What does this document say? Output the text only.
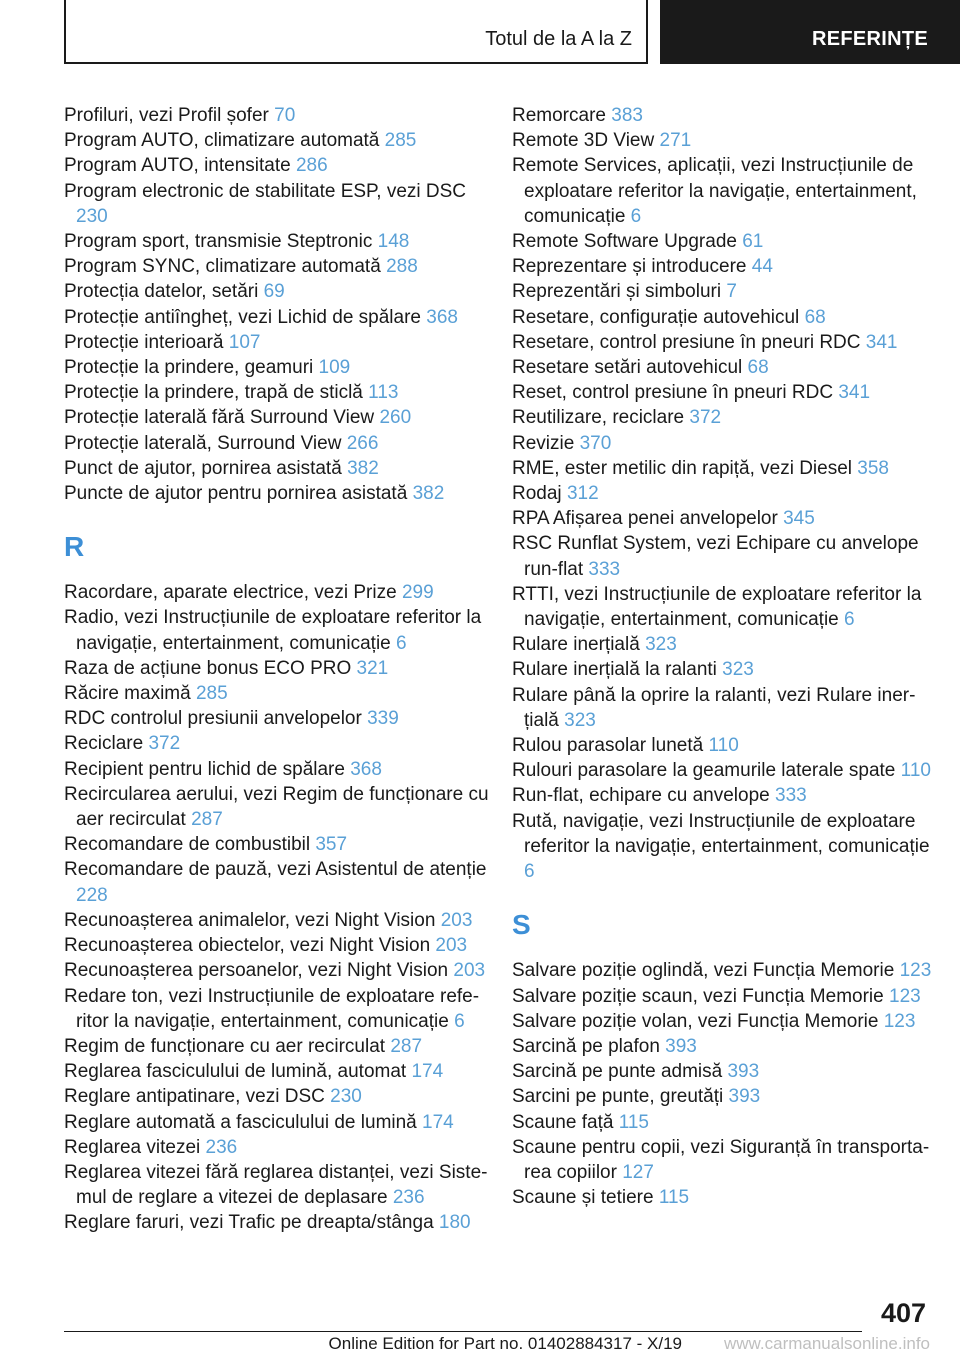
Totul de la A la Z	REFERINȚE
Profiluri, vezi Profil șofer 70
Program AUTO, climatizare automată 285
Program AUTO, intensitate 286
Program electronic de stabilitate ESP, vezi DSC 230
Program sport, transmisie Steptronic 148
Program SYNC, climatizare automată 288
Protecția datelor, setări 69
Protecție antiîngheț, vezi Lichid de spălare 368
Protecție interioară 107
Protecție la prindere, geamuri 109
Protecție la prindere, trapă de sticlă 113
Protecție laterală fără Surround View 260
Protecție laterală, Surround View 266
Punct de ajutor, pornirea asistată 382
Puncte de ajutor pentru pornirea asistată 382
R
Racordare, aparate electrice, vezi Prize 299
Radio, vezi Instrucțiunile de exploatare referitor la navigație, entertainment, comunicație 6
Raza de acțiune bonus ECO PRO 321
Răcire maximă 285
RDC controlul presiunii anvelopelor 339
Reciclare 372
Recipient pentru lichid de spălare 368
Recircularea aerului, vezi Regim de funcționare cu aer recirculat 287
Recomandare de combustibil 357
Recomandare de pauză, vezi Asistentul de atenție 228
Recunoașterea animalelor, vezi Night Vision 203
Recunoașterea obiectelor, vezi Night Vision 203
Recunoașterea persoanelor, vezi Night Vision 203
Redare ton, vezi Instrucțiunile de exploatare referitor la navigație, entertainment, comunicație 6
Regim de funcționare cu aer recirculat 287
Reglarea fasciculului de lumină, automat 174
Reglare antipatinare, vezi DSC 230
Reglare automată a fasciculului de lumină 174
Reglarea vitezei 236
Reglarea vitezei fără reglarea distanței, vezi Sistemul de reglare a vitezei de deplasare 236
Reglare faruri, vezi Trafic pe dreapta/stânga 180
Remorcare 383
Remote 3D View 271
Remote Services, aplicații, vezi Instrucțiunile de exploatare referitor la navigație, entertainment, comunicație 6
Remote Software Upgrade 61
Reprezentare și introducere 44
Reprezentări și simboluri 7
Resetare, configurație autovehicul 68
Resetare, control presiune în pneuri RDC 341
Resetare setări autovehicul 68
Reset, control presiune în pneuri RDC 341
Reutilizare, reciclare 372
Revizie 370
RME, ester metilic din rapiță, vezi Diesel 358
Rodaj 312
RPA Afișarea penei anvelopelor 345
RSC Runflat System, vezi Echipare cu anvelope run-flat 333
RTTI, vezi Instrucțiunile de exploatare referitor la navigație, entertainment, comunicație 6
Rulare inerțială 323
Rulare inerțială la ralanti 323
Rulare până la oprire la ralanti, vezi Rulare inerțială 323
Rulou parasolar lunetă 110
Rulouri parasolare la geamurile laterale spate 110
Run-flat, echipare cu anvelope 333
Rută, navigație, vezi Instrucțiunile de exploatare referitor la navigație, entertainment, comunicație 6
S
Salvare poziție oglindă, vezi Funcția Memorie 123
Salvare poziție scaun, vezi Funcția Memorie 123
Salvare poziție volan, vezi Funcția Memorie 123
Sarcină pe plafon 393
Sarcină pe punte admisă 393
Sarcini pe punte, greutăți 393
Scaune față 115
Scaune pentru copii, vezi Siguranță în transportarea copiilor 127
Scaune și tetiere 115
407
Online Edition for Part no. 01402884317 - X/19 www.carmanualsonline.info
